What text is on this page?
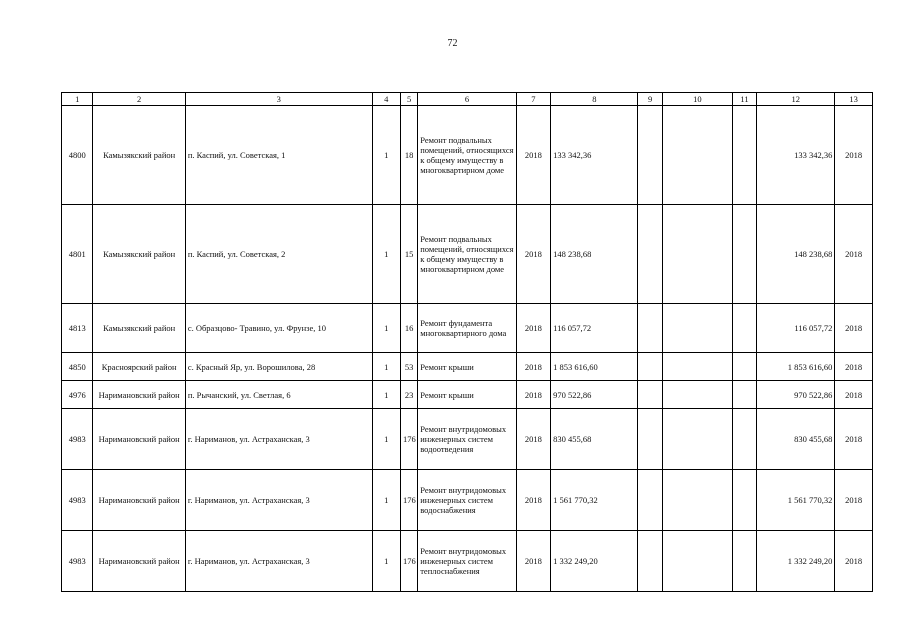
72
1	2	3	4	5	6	7	8	9	10	11	12	13
4800	Камызякский район	п. Каспий, ул. Советская, 1	1	18	Ремонт подвальных помещений, относящихся к общему имуществу в многоквартирном доме	2018	133 342,36				133 342,36	2018
4801	Камызякский район	п. Каспий, ул. Советская, 2	1	15	Ремонт подвальных помещений, относящихся к общему имуществу в многоквартирном доме	2018	148 238,68				148 238,68	2018
4813	Камызякский район	с. Образцово- Травино, ул. Фрунзе, 10	1	16	Ремонт фундамента многоквартирного дома	2018	116 057,72				116 057,72	2018
4850	Красноярский район	с. Красный Яр, ул. Ворошилова, 28	1	53	Ремонт крыши	2018	1 853 616,60				1 853 616,60	2018
4976	Наримановский район	п. Рычанский, ул. Светлая, 6	1	23	Ремонт крыши	2018	970 522,86				970 522,86	2018
4983	Наримановский район	г. Нариманов, ул. Астраханская, 3	1	176	Ремонт внутридомовых инженерных систем водоотведения	2018	830 455,68				830 455,68	2018
4983	Наримановский район	г. Нариманов, ул. Астраханская, 3	1	176	Ремонт внутридомовых инженерных систем водоснабжения	2018	1 561 770,32				1 561 770,32	2018
4983	Наримановский район	г. Нариманов, ул. Астраханская, 3	1	176	Ремонт внутридомовых инженерных систем теплоснабжения	2018	1 332 249,20				1 332 249,20	2018
